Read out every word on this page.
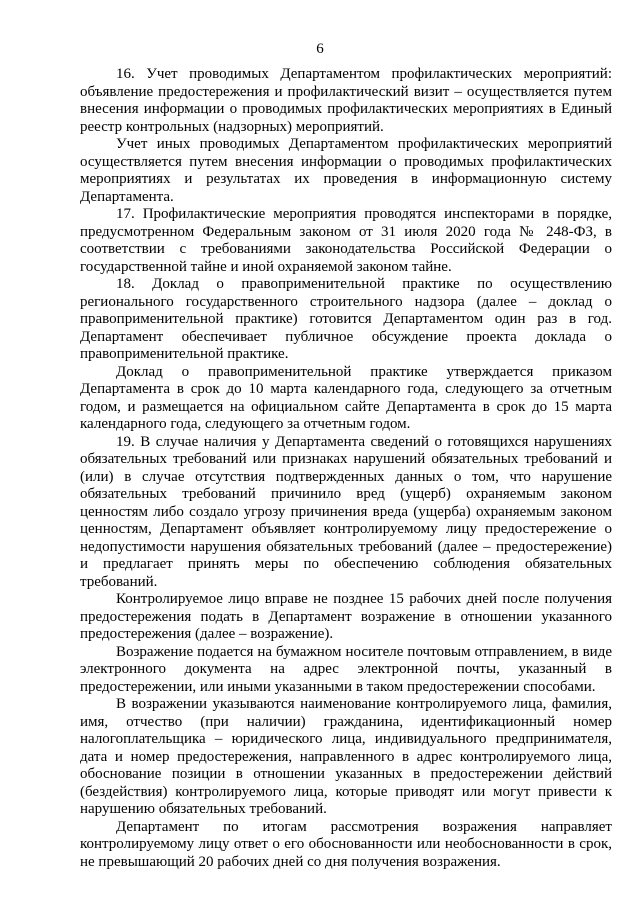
6

16. Учет проводимых Департаментом профилактических мероприятий: объявление предостережения и профилактический визит – осуществляется путем внесения информации о проводимых профилактических мероприятиях в Единый реестр контрольных (надзорных) мероприятий.

Учет иных проводимых Департаментом профилактических мероприятий осуществляется путем внесения информации о проводимых профилактических мероприятиях и результатах их проведения в информационную систему Департамента.

17. Профилактические мероприятия проводятся инспекторами в порядке, предусмотренном Федеральным законом от 31 июля 2020 года № 248-ФЗ, в соответствии с требованиями законодательства Российской Федерации о государственной тайне и иной охраняемой законом тайне.

18. Доклад о правоприменительной практике по осуществлению регионального государственного строительного надзора (далее – доклад о правоприменительной практике) готовится Департаментом один раз в год. Департамент обеспечивает публичное обсуждение проекта доклада о правоприменительной практике.

Доклад о правоприменительной практике утверждается приказом Департамента в срок до 10 марта календарного года, следующего за отчетным годом, и размещается на официальном сайте Департамента в срок до 15 марта календарного года, следующего за отчетным годом.

19. В случае наличия у Департамента сведений о готовящихся нарушениях обязательных требований или признаках нарушений обязательных требований и (или) в случае отсутствия подтвержденных данных о том, что нарушение обязательных требований причинило вред (ущерб) охраняемым законом ценностям либо создало угрозу причинения вреда (ущерба) охраняемым законом ценностям, Департамент объявляет контролируемому лицу предостережение о недопустимости нарушения обязательных требований (далее – предостережение) и предлагает принять меры по обеспечению соблюдения обязательных требований.

Контролируемое лицо вправе не позднее 15 рабочих дней после получения предостережения подать в Департамент возражение в отношении указанного предостережения (далее – возражение).

Возражение подается на бумажном носителе почтовым отправлением, в виде электронного документа на адрес электронной почты, указанный в предостережении, или иными указанными в таком предостережении способами.

В возражении указываются наименование контролируемого лица, фамилия, имя, отчество (при наличии) гражданина, идентификационный номер налогоплательщика – юридического лица, индивидуального предпринимателя, дата и номер предостережения, направленного в адрес контролируемого лица, обоснование позиции в отношении указанных в предостережении действий (бездействия) контролируемого лица, которые приводят или могут привести к нарушению обязательных требований.

Департамент по итогам рассмотрения возражения направляет контролируемому лицу ответ о его обоснованности или необоснованности в срок, не превышающий 20 рабочих дней со дня получения возражения.
